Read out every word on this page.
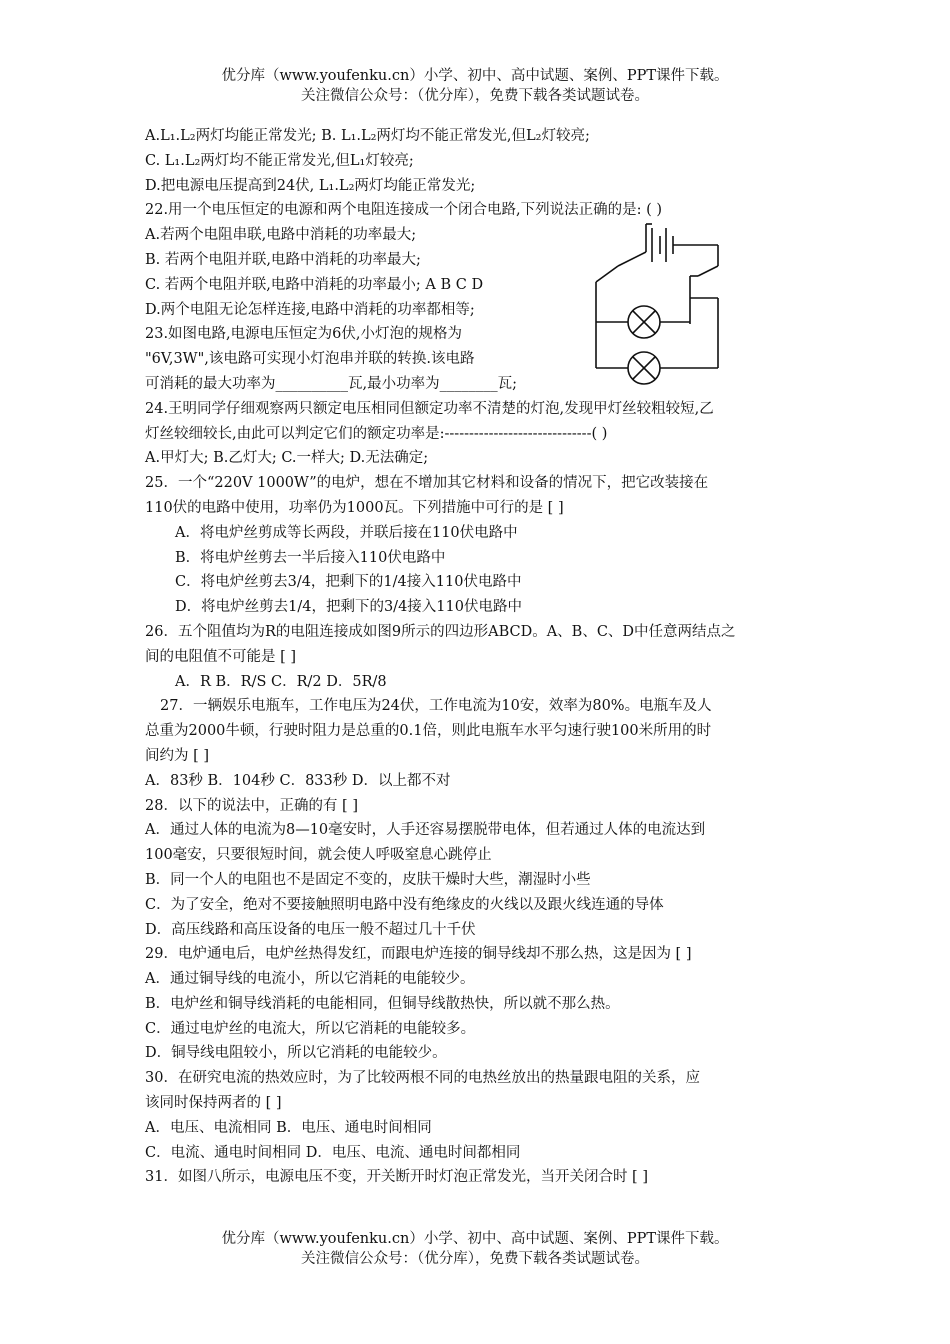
优分库（www.youfenku.cn）小学、初中、高中试题、案例、PPT课件下载。
关注微信公众号：（优分库），免费下载各类试题试卷。
A.L₁.L₂两灯均能正常发光; B. L₁.L₂两灯均不能正常发光,但L₂灯较亮;
C. L₁.L₂两灯均不能正常发光,但L₁灯较亮;
D.把电源电压提高到24伏, L₁.L₂两灯均能正常发光;
22.用一个电压恒定的电源和两个电阻连接成一个闭合电路,下列说法正确的是: ( )
A.若两个电阻串联,电路中消耗的功率最大;
B. 若两个电阻并联,电路中消耗的功率最大;
C. 若两个电阻并联,电路中消耗的功率最小; A B C D
D.两个电阻无论怎样连接,电路中消耗的功率都相等;
23.如图电路,电源电压恒定为6伏,小灯泡的规格为
"6V,3W",该电路可实现小灯泡串并联的转换.该电路
可消耗的最大功率为__________瓦,最小功率为________瓦;
24.王明同学仔细观察两只额定电压相同但额定功率不清楚的灯泡,发现甲灯丝较粗较短,乙
灯丝较细较长,由此可以判定它们的额定功率是:------------------------------( )
A.甲灯大; B.乙灯大; C.一样大; D.无法确定;
25．一个“220V 1000W”的电炉，想在不增加其它材料和设备的情况下，把它改装接在
110伏的电路中使用，功率仍为1000瓦。下列措施中可行的是 [ ]
A．将电炉丝剪成等长两段，并联后接在110伏电路中
B．将电炉丝剪去一半后接入110伏电路中
C．将电炉丝剪去3/4，把剩下的1/4接入110伏电路中
D．将电炉丝剪去1/4，把剩下的3/4接入110伏电路中
26．五个阻值均为R的电阻连接成如图9所示的四边形ABCD。A、B、C、D中任意两结点之
间的电阻值不可能是 [ ]
A．R B．R/S C．R/2 D．5R/8
27．一辆娱乐电瓶车，工作电压为24伏，工作电流为10安，效率为80%。电瓶车及人
总重为2000牛顿，行驶时阻力是总重的0.1倍，则此电瓶车水平匀速行驶100米所用的时
间约为 [ ]
A．83秒 B．104秒 C．833秒 D．以上都不对
28．以下的说法中，正确的有 [ ]
A．通过人体的电流为8—10毫安时，人手还容易摆脱带电体，但若通过人体的电流达到
100毫安，只要很短时间，就会使人呼吸窒息心跳停止
B．同一个人的电阻也不是固定不变的，皮肤干燥时大些，潮湿时小些
C．为了安全，绝对不要接触照明电路中没有绝缘皮的火线以及跟火线连通的导体
D．高压线路和高压设备的电压一般不超过几十千伏
29．电炉通电后，电炉丝热得发红，而跟电炉连接的铜导线却不那么热，这是因为 [ ]
A．通过铜导线的电流小，所以它消耗的电能较少。
B．电炉丝和铜导线消耗的电能相同，但铜导线散热快，所以就不那么热。
C．通过电炉丝的电流大，所以它消耗的电能较多。
D．铜导线电阻较小，所以它消耗的电能较少。
30．在研究电流的热效应时，为了比较两根不同的电热丝放出的热量跟电阻的关系，应
该同时保持两者的 [ ]
A．电压、电流相同 B．电压、通电时间相同
C．电流、通电时间相同 D．电压、电流、通电时间都相同
31．如图八所示，电源电压不变，开关断开时灯泡正常发光，当开关闭合时 [ ]
优分库（www.youfenku.cn）小学、初中、高中试题、案例、PPT课件下载。
关注微信公众号：（优分库），免费下载各类试题试卷。
